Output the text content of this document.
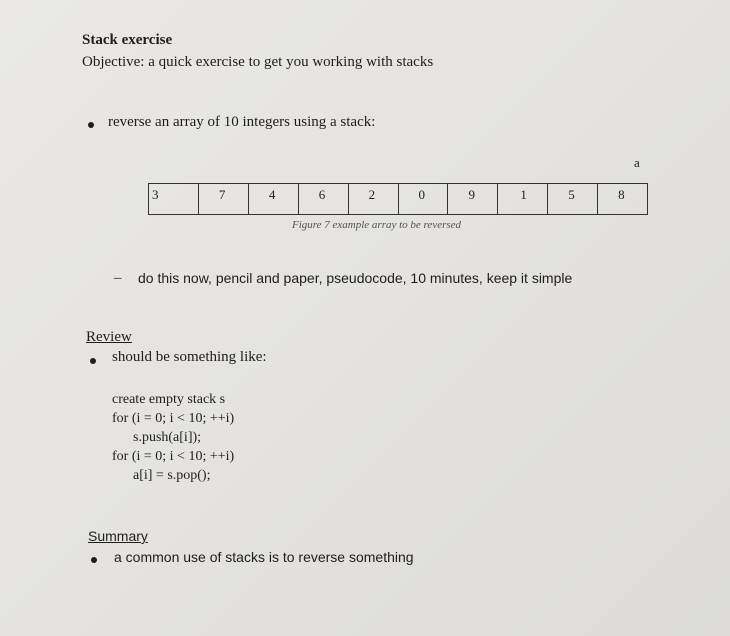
Stack exercise
Objective: a quick exercise to get you working with stacks
reverse an array of 10 integers using a stack:
a
3	7	4	6	2	0	9	1	5	8
Figure 7 example array to be reversed
– do this now, pencil and paper, pseudocode, 10 minutes, keep it simple
Review
should be something like:
create empty stack s
for (i = 0; i < 10; ++i)
s.push(a[i]);
for (i = 0; i < 10; ++i)
a[i] = s.pop();
Summary
a common use of stacks is to reverse something
